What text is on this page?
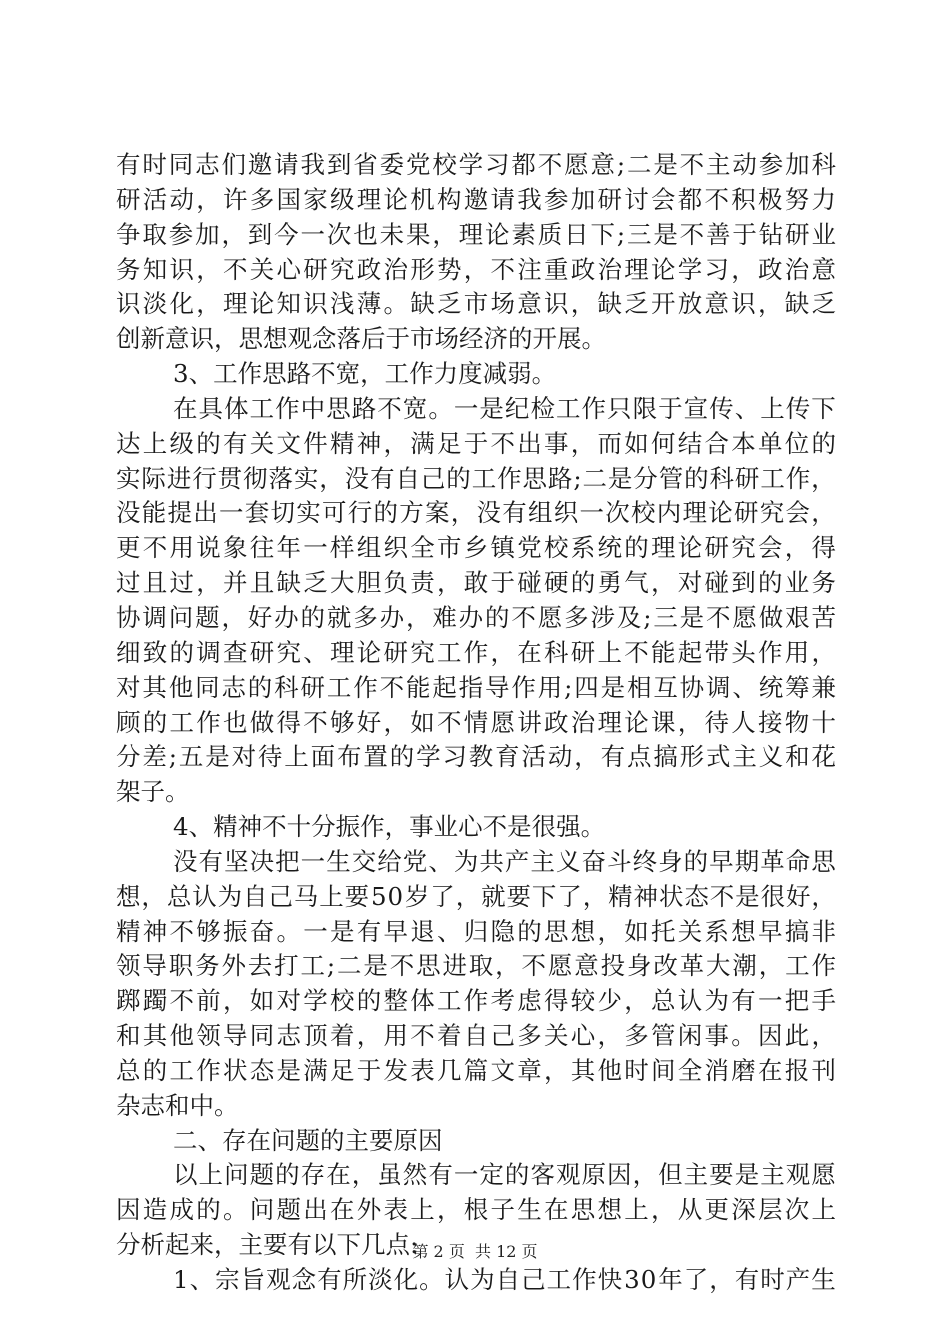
有 时 同 志 们 邀 请 我 到 省 委 党 校 学 习 都 不 愿 意 ; 二 是 不 主 动 参 加 科
研 活 动 ， 许 多 国 家 级 理 论 机 构 邀 请 我 参 加 研 讨 会 都 不 积 极 努 力
争 取 参 加 ， 到 今 一 次 也 未 果 ， 理 论 素 质 日 下 ; 三 是 不 善 于 钻 研 业
务 知 识 ， 不 关 心 研 究 政 治 形 势 ， 不 注 重 政 治 理 论 学 习 ， 政 治 意
识 淡 化 ， 理 论 知 识 浅 薄 。 缺 乏 市 场 意 识 ， 缺 乏 开 放 意 识 ， 缺 乏
创新意识，思想观念落后于市场经济的开展。
3、工作思路不宽，工作力度减弱。
在 具 体 工 作 中 思 路 不 宽 。 一 是 纪 检 工 作 只 限 于 宣 传 、 上 传 下
达 上 级 的 有 关 文 件 精 神 ， 满 足 于 不 出 事 ， 而 如 何 结 合 本 单 位 的
实 际 进 行 贯 彻 落 实 ， 没 有 自 己 的 工 作 思 路 ; 二 是 分 管 的 科 研 工 作 ，
没 能 提 出 一 套 切 实 可 行 的 方 案 ， 没 有 组 织 一 次 校 内 理 论 研 究 会 ，
更 不 用 说 象 往 年 一 样 组 织 全 市 乡 镇 党 校 系 统 的 理 论 研 究 会 ， 得
过 且 过 ， 并 且 缺 乏 大 胆 负 责 ， 敢 于 碰 硬 的 勇 气 ， 对 碰 到 的 业 务
协 调 问 题 ， 好 办 的 就 多 办 ， 难 办 的 不 愿 多 涉 及 ; 三 是 不 愿 做 艰 苦
细 致 的 调 查 研 究 、 理 论 研 究 工 作 ， 在 科 研 上 不 能 起 带 头 作 用 ，
对 其 他 同 志 的 科 研 工 作 不 能 起 指 导 作 用 ; 四 是 相 互 协 调 、 统 筹 兼
顾 的 工 作 也 做 得 不 够 好 ， 如 不 情 愿 讲 政 治 理 论 课 ， 待 人 接 物 十
分 差 ; 五 是 对 待 上 面 布 置 的 学 习 教 育 活 动 ， 有 点 搞 形 式 主 义 和 花
架子。
4、精神不十分振作，事业心不是很强。
没 有 坚 决 把 一 生 交 给 党 、 为 共 产 主 义 奋 斗 终 身 的 早 期 革 命 思
想 ， 总 认 为 自 己 马 上 要 5 0 岁 了 ， 就 要 下 了 ， 精 神 状 态 不 是 很 好 ，
精 神 不 够 振 奋 。 一 是 有 早 退 、 归 隐 的 思 想 ， 如 托 关 系 想 早 搞 非
领 导 职 务 外 去 打 工 ; 二 是 不 思 进 取 ， 不 愿 意 投 身 改 革 大 潮 ， 工 作
踯 躅 不 前 ， 如 对 学 校 的 整 体 工 作 考 虑 得 较 少 ， 总 认 为 有 一 把 手
和 其 他 领 导 同 志 顶 着 ， 用 不 着 自 己 多 关 心 ， 多 管 闲 事 。 因 此 ，
总 的 工 作 状 态 是 满 足 于 发 表 几 篇 文 章 ， 其 他 时 间 全 消 磨 在 报 刊
杂志和中。
二、存在问题的主要原因
以 上 问 题 的 存 在 ， 虽 然 有 一 定 的 客 观 原 因 ， 但 主 要 是 主 观 愿
因 造 成 的 。 问 题 出 在 外 表 上 ， 根 子 生 在 思 想 上 ， 从 更 深 层 次 上
分析起来，主要有以下几点:
1 、 宗 旨 观 念 有 所 淡 化 。 认 为 自 己 工 作 快 3 0 年 了 ， 有 时 产 生
第 2 页  共 12 页
